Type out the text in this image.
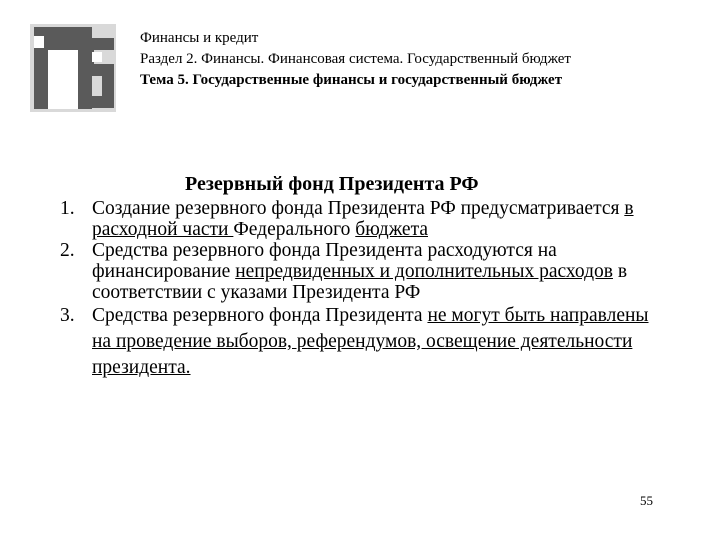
Финансы и кредит
Раздел 2. Финансы. Финансовая система. Государственный бюджет
Тема 5. Государственные финансы и государственный бюджет
Резервный фонд Президента РФ
1. Создание резервного фонда Президента РФ предусматривается в расходной части Федерального бюджета
2. Средства резервного фонда Президента расходуются на финансирование непредвиденных и дополнительных расходов в соответствии с указами Президента РФ
3. Средства резервного фонда Президента не могут быть направлены на проведение выборов, референдумов, освещение деятельности президента.
55
